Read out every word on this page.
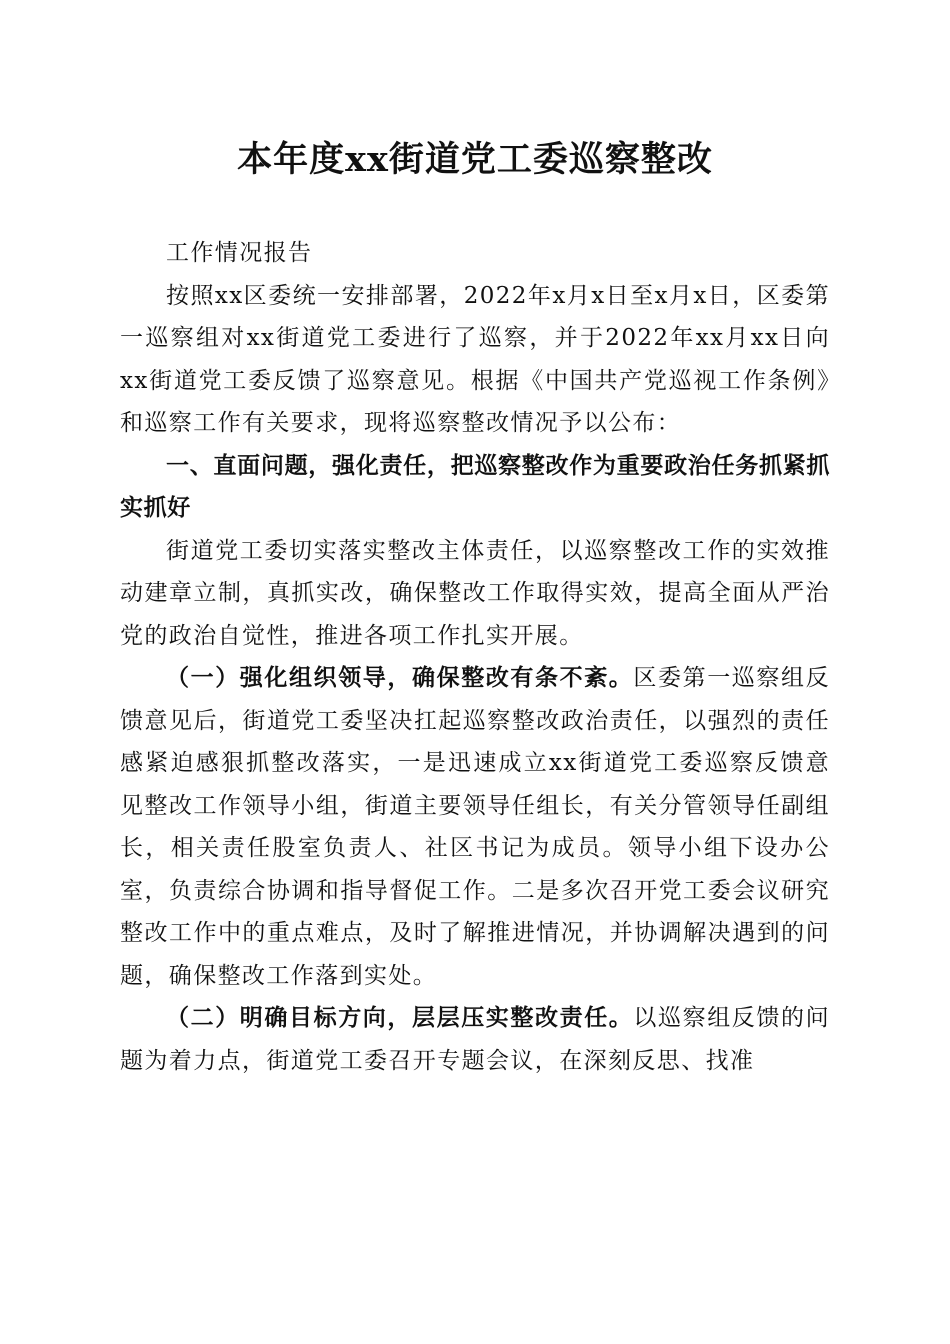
本年度xx街道党工委巡察整改

工作情况报告

按照xx区委统一安排部署，2022年x月x日至x月x日，区委第一巡察组对xx街道党工委进行了巡察，并于2022年xx月xx日向xx街道党工委反馈了巡察意见。根据《中国共产党巡视工作条例》和巡察工作有关要求，现将巡察整改情况予以公布：

一、直面问题，强化责任，把巡察整改作为重要政治任务抓紧抓实抓好

街道党工委切实落实整改主体责任，以巡察整改工作的实效推动建章立制，真抓实改，确保整改工作取得实效，提高全面从严治党的政治自觉性，推进各项工作扎实开展。

（一）强化组织领导，确保整改有条不紊。区委第一巡察组反馈意见后，街道党工委坚决扛起巡察整改政治责任，以强烈的责任感紧迫感狠抓整改落实，一是迅速成立xx街道党工委巡察反馈意见整改工作领导小组，街道主要领导任组长，有关分管领导任副组长，相关责任股室负责人、社区书记为成员。领导小组下设办公室，负责综合协调和指导督促工作。二是多次召开党工委会议研究整改工作中的重点难点，及时了解推进情况，并协调解决遇到的问题，确保整改工作落到实处。

（二）明确目标方向，层层压实整改责任。以巡察组反馈的问题为着力点，街道党工委召开专题会议，在深刻反思、找准
